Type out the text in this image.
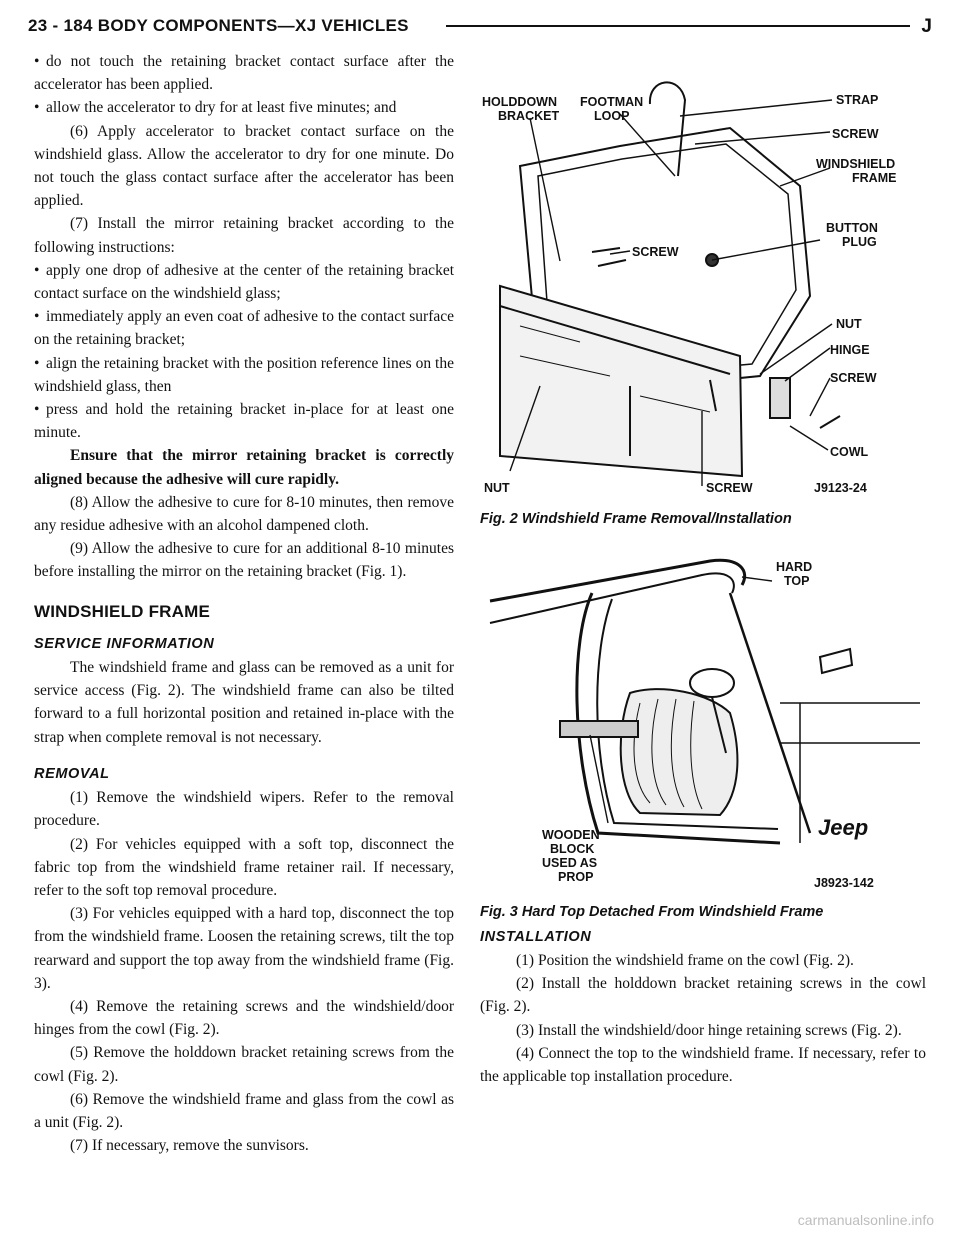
23 - 184 BODY COMPONENTS—XJ VEHICLES	J

• do not touch the retaining bracket contact surface after the accelerator has been applied.

• allow the accelerator to dry for at least five minutes; and

(6) Apply accelerator to bracket contact surface on the windshield glass. Allow the accelerator to dry for one minute. Do not touch the glass contact surface after the accelerator has been applied.

(7) Install the mirror retaining bracket according to the following instructions:

• apply one drop of adhesive at the center of the retaining bracket contact surface on the windshield glass;

• immediately apply an even coat of adhesive to the contact surface on the retaining bracket;

• align the retaining bracket with the position reference lines on the windshield glass, then

• press and hold the retaining bracket in-place for at least one minute.

Ensure that the mirror retaining bracket is correctly aligned because the adhesive will cure rapidly.

(8) Allow the adhesive to cure for 8-10 minutes, then remove any residue adhesive with an alcohol dampened cloth.

(9) Allow the adhesive to cure for an additional 8-10 minutes before installing the mirror on the retaining bracket (Fig. 1).

WINDSHIELD FRAME
SERVICE INFORMATION

The windshield frame and glass can be removed as a unit for service access (Fig. 2). The windshield frame can also be tilted forward to a full horizontal position and retained in-place with the strap when complete removal is not necessary.

REMOVAL

(1) Remove the windshield wipers. Refer to the removal procedure.

(2) For vehicles equipped with a soft top, disconnect the fabric top from the windshield frame retainer rail. If necessary, refer to the soft top removal procedure.

(3) For vehicles equipped with a hard top, disconnect the top from the windshield frame. Loosen the retaining screws, tilt the top rearward and support the top away from the windshield frame (Fig. 3).

(4) Remove the retaining screws and the windshield/door hinges from the cowl (Fig. 2).

(5) Remove the holddown bracket retaining screws from the cowl (Fig. 2).

(6) Remove the windshield frame and glass from the cowl as a unit (Fig. 2).

(7) If necessary, remove the sunvisors.

HOLDDOWN
BRACKET
FOOTMAN
LOOP
STRAP
SCREW
WINDSHIELD
FRAME
SCREW
BUTTON
PLUG
NUT
HINGE
SCREW
COWL
NUT	SCREW	J9123-24

Fig. 2 Windshield Frame Removal/Installation

HARD
TOP
WOODEN
BLOCK
USED AS
PROP
Jeep
J8923-142

Fig. 3 Hard Top Detached From Windshield Frame

INSTALLATION

(1) Position the windshield frame on the cowl (Fig. 2).

(2) Install the holddown bracket retaining screws in the cowl (Fig. 2).

(3) Install the windshield/door hinge retaining screws (Fig. 2).

(4) Connect the top to the windshield frame. If necessary, refer to the applicable top installation procedure.

carmanualsonline.info
